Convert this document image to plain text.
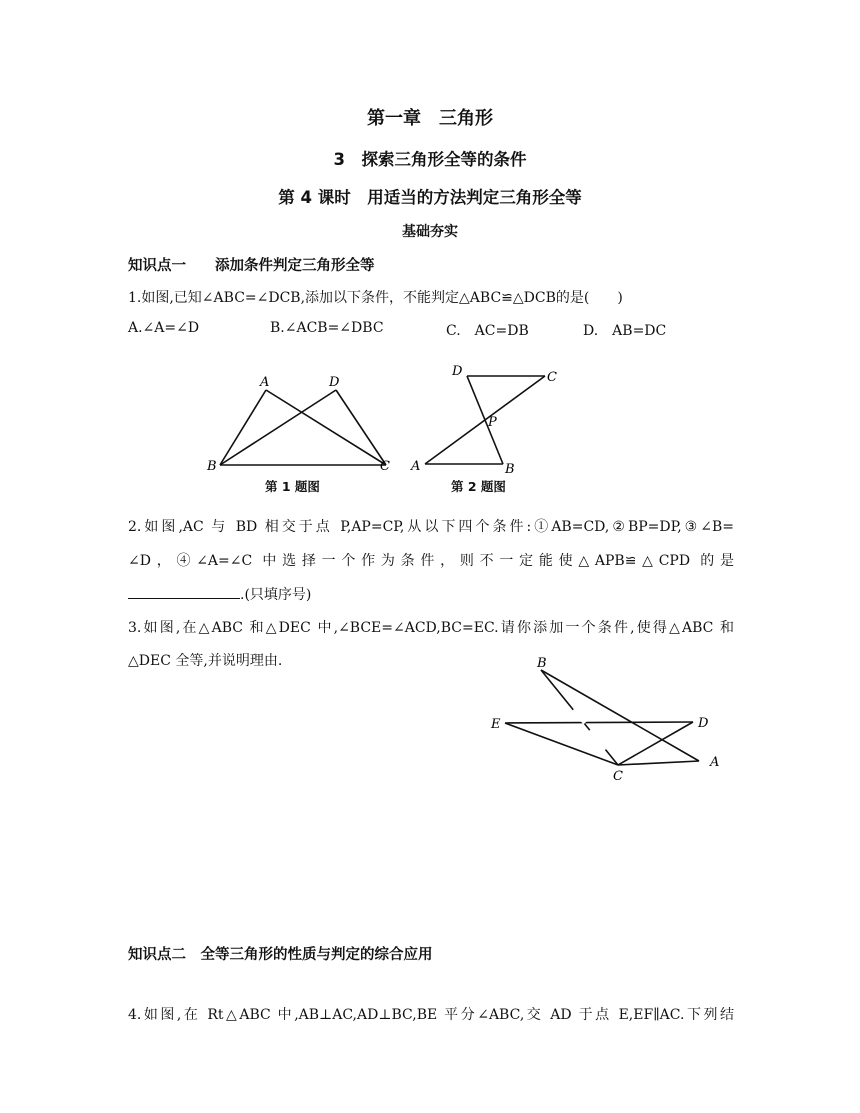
第一章　三角形
3　探索三角形全等的条件
第 4 课时　用适当的方法判定三角形全等
基础夯实
知识点一　　添加条件判定三角形全等
1.如图,已知∠ABC=∠DCB,添加以下条件，不能判定△ABC≌△DCB的是(　　)
A.∠A=∠D	B.∠ACB=∠DBC	C.　AC=DB	D.　AB=DC
A	D
B	C
第 1 题图
D	C
P
A	B
第 2 题图
2.如图,AC 与 BD 相交于点 P,AP=CP,从以下四个条件:①AB=CD,②BP=DP,③∠B=
∠D，④∠A=∠C 中选择一个作为条件，则不一定能使△APB≌△CPD 的是
.(只填序号)
3.如图,在△ABC 和△DEC 中,∠BCE=∠ACD,BC=EC.请你添加一个条件,使得△ABC 和
△DEC 全等,并说明理由.	B
E	D
C
A
知识点二　全等三角形的性质与判定的综合应用
4.如图,在 Rt△ABC 中,AB⊥AC,AD⊥BC,BE 平分∠ABC,交 AD 于点 E,EF∥AC.下列结
